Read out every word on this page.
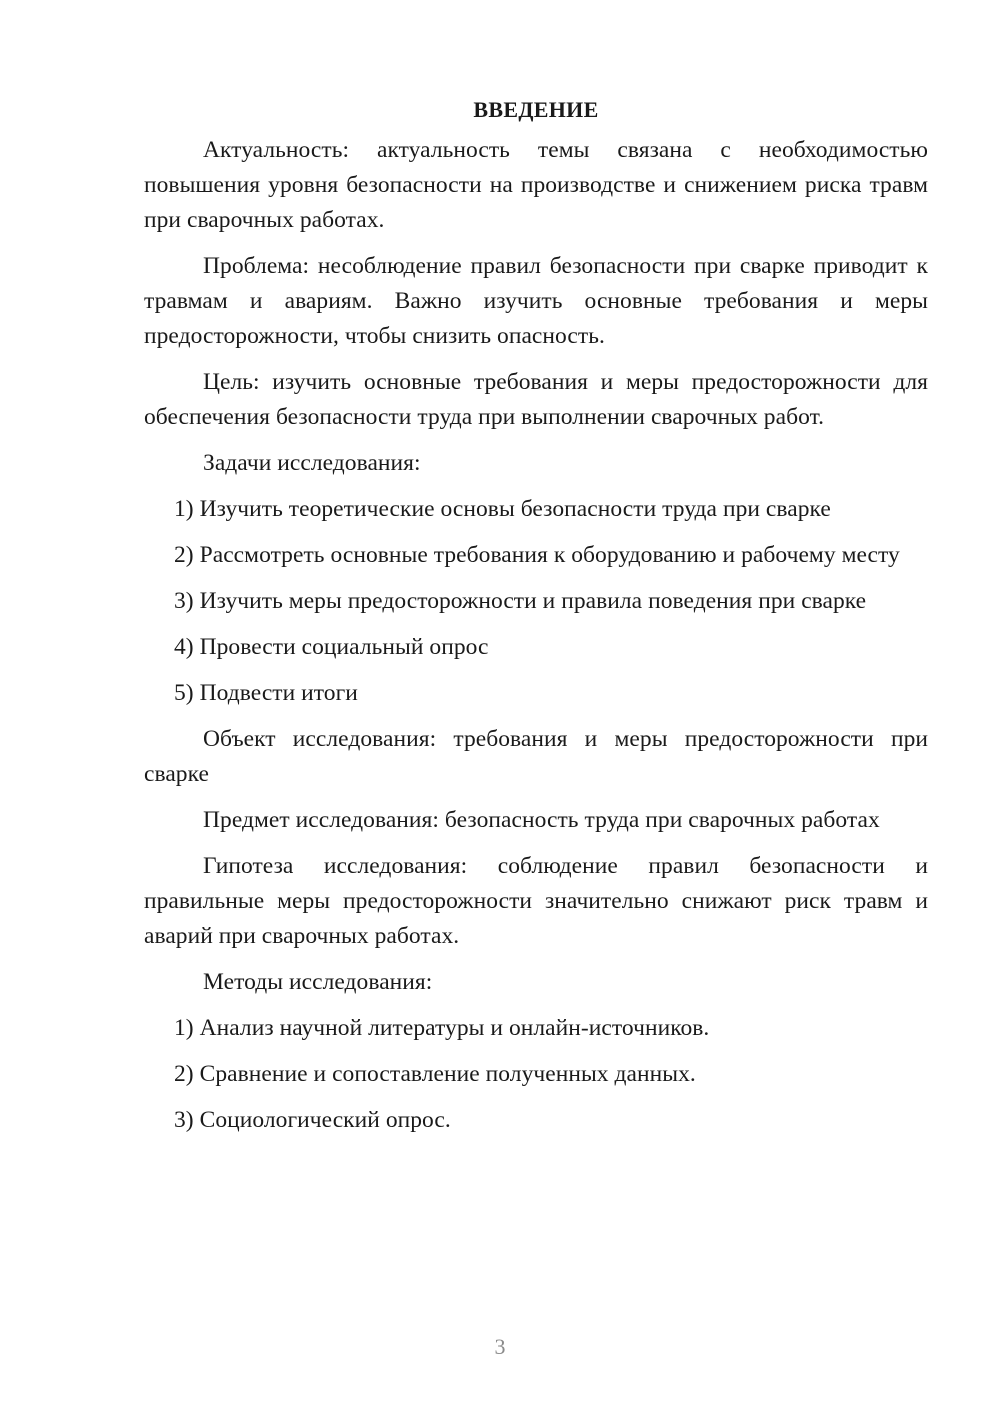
ВВЕДЕНИЕ

Актуальность: актуальность темы связана с необходимостью повышения уровня безопасности на производстве и снижением риска травм при сварочных работах.

Проблема: несоблюдение правил безопасности при сварке приводит к травмам и авариям. Важно изучить основные требования и меры предосторожности, чтобы снизить опасность.

Цель: изучить основные требования и меры предосторожности для обеспечения безопасности труда при выполнении сварочных работ.

Задачи исследования:

1) Изучить теоретические основы безопасности труда при сварке

2) Рассмотреть основные требования к оборудованию и рабочему месту

3) Изучить меры предосторожности и правила поведения при сварке

4) Провести социальный опрос

5) Подвести итоги

Объект исследования: требования и меры предосторожности при сварке

Предмет исследования: безопасность труда при сварочных работах

Гипотеза исследования: соблюдение правил безопасности и правильные меры предосторожности значительно снижают риск травм и аварий при сварочных работах.

Методы исследования:

1) Анализ научной литературы и онлайн-источников.

2) Сравнение и сопоставление полученных данных.

3) Социологический опрос.

3
